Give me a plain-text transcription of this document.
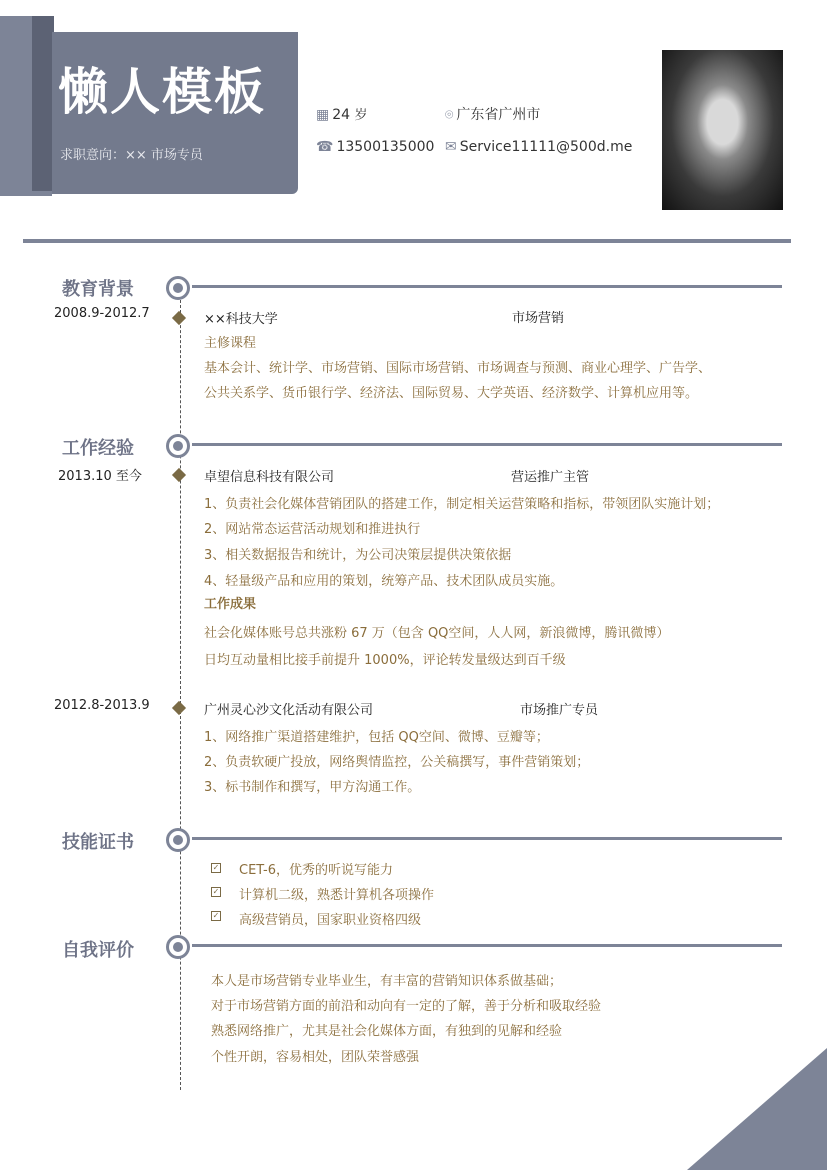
懒人模板
求职意向：×× 市场专员
▦ 24 岁	⌾ 广东省广州市
☎ 13500135000 ✉ Service11111@500d.me
教育背景
2008.9-2012.7	××科技大学	市场营销
主修课程
基本会计、统计学、市场营销、国际市场营销、市场调查与预测、商业心理学、广告学、
公共关系学、货币银行学、经济法、国际贸易、大学英语、经济数学、计算机应用等。
工作经验
2013.10 至今	卓望信息科技有限公司	营运推广主管
1、负责社会化媒体营销团队的搭建工作，制定相关运营策略和指标，带领团队实施计划；
2、网站常态运营活动规划和推进执行
3、相关数据报告和统计，为公司决策层提供决策依据
4、轻量级产品和应用的策划，统筹产品、技术团队成员实施。
工作成果
社会化媒体账号总共涨粉 67 万（包含 QQ空间，人人网，新浪微博，腾讯微博）
日均互动量相比接手前提升 1000%，评论转发量级达到百千级
2012.8-2013.9	广州灵心沙文化活动有限公司	市场推广专员
1、网络推广渠道搭建维护，包括 QQ空间、微博、豆瓣等；
2、负责软硬广投放，网络舆情监控，公关稿撰写，事件营销策划；
3、标书制作和撰写，甲方沟通工作。
技能证书
✓ CET-6，优秀的听说写能力
✓ 计算机二级，熟悉计算机各项操作
✓ 高级营销员，国家职业资格四级
自我评价
本人是市场营销专业毕业生，有丰富的营销知识体系做基础；
对于市场营销方面的前沿和动向有一定的了解，善于分析和吸取经验
熟悉网络推广，尤其是社会化媒体方面，有独到的见解和经验
个性开朗，容易相处，团队荣誉感强
